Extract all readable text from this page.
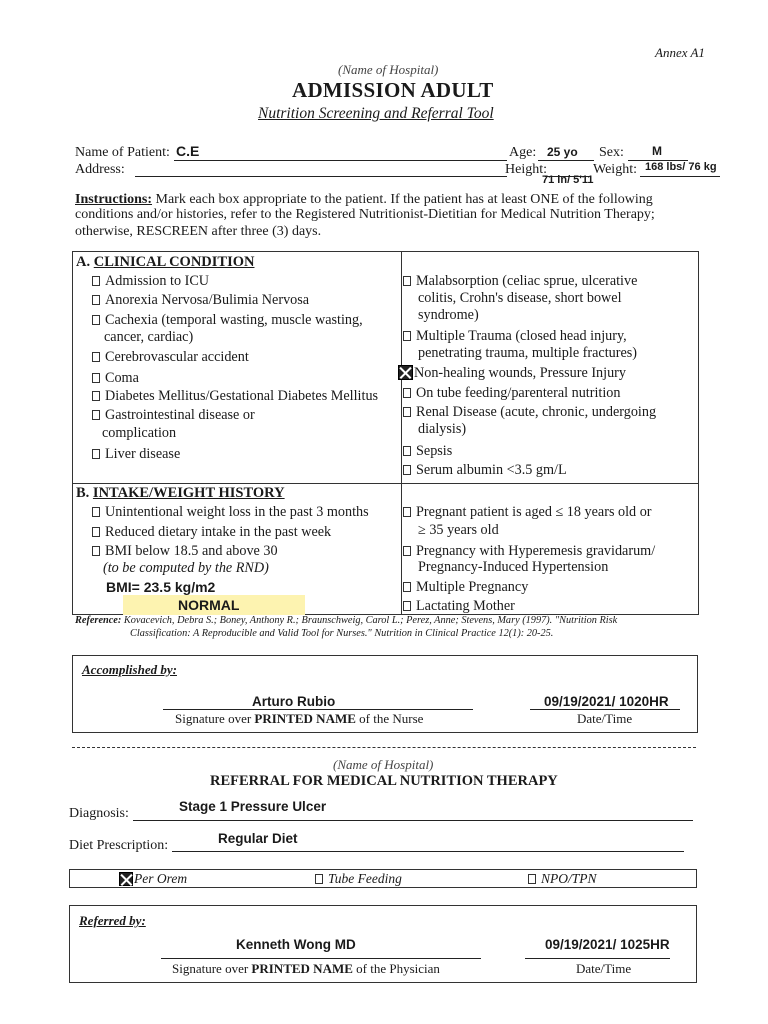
Annex A1
(Name of Hospital)
ADMISSION ADULT
Nutrition Screening and Referral Tool
Name of Patient: C.E	Age: 25 yo Sex: M
Address:	Height:
71 in/ 5'11
Weight: 168 lbs/ 76 kg
Instructions: Mark each box appropriate to the patient. If the patient has at least ONE of the following
conditions and/or histories, refer to the Registered Nutritionist-Dietitian for Medical Nutrition Therapy;
otherwise, RESCREEN after three (3) days.
A. CLINICAL CONDITION
Admission to ICU
Anorexia Nervosa/Bulimia Nervosa
Cachexia (temporal wasting, muscle wasting,
cancer, cardiac)
Cerebrovascular accident
Coma
Diabetes Mellitus/Gestational Diabetes Mellitus
Gastrointestinal disease or
complication
Liver disease
Malabsorption (celiac sprue, ulcerative
colitis, Crohn's disease, short bowel
syndrome)
Multiple Trauma (closed head injury,
penetrating trauma, multiple fractures)
Non-healing wounds, Pressure Injury
On tube feeding/parenteral nutrition
Renal Disease (acute, chronic, undergoing
dialysis)
Sepsis
Serum albumin <3.5 gm/L
B. INTAKE/WEIGHT HISTORY
Unintentional weight loss in the past 3 months
Reduced dietary intake in the past week
BMI below 18.5 and above 30
(to be computed by the RND)
BMI= 23.5 kg/m2
NORMAL
Pregnant patient is aged ≤ 18 years old or
≥ 35 years old
Pregnancy with Hyperemesis gravidarum/
Pregnancy-Induced Hypertension
Multiple Pregnancy
Lactating Mother
Reference: Kovacevich, Debra S.; Boney, Anthony R.; Braunschweig, Carol L.; Perez, Anne; Stevens, Mary (1997). "Nutrition Risk
Classification: A Reproducible and Valid Tool for Nurses." Nutrition in Clinical Practice 12(1): 20-25.
Accomplished by:
Arturo Rubio
Signature over PRINTED NAME of the Nurse
09/19/2021/ 1020HR
Date/Time
(Name of Hospital)
REFERRAL FOR MEDICAL NUTRITION THERAPY
Diagnosis:	Stage 1 Pressure Ulcer
Diet Prescription:	Regular Diet
Per Orem	Tube Feeding	NPO/TPN
Referred by:
Kenneth Wong MD
Signature over PRINTED NAME of the Physician
09/19/2021/ 1025HR
Date/Time
